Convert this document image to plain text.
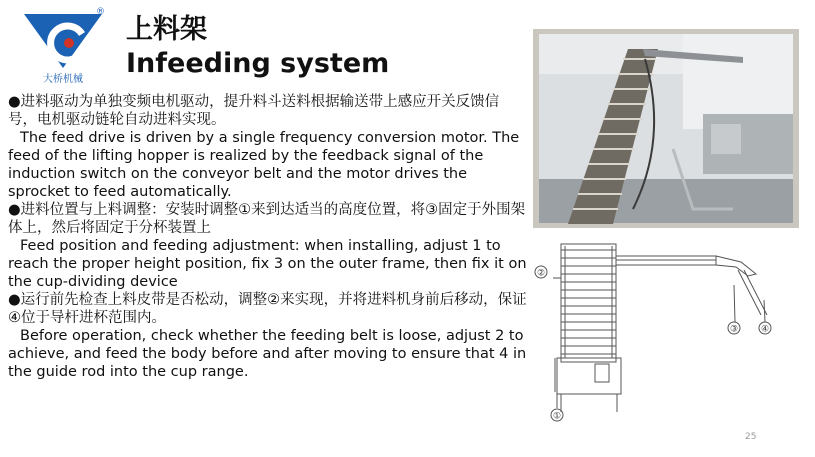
®
大桥机械
上料架
Infeeding system

●进料驱动为单独变频电机驱动，提升料斗送料根据输送带上感应开关反馈信号，电机驱动链轮自动进料实现。

The feed drive is driven by a single frequency conversion motor. The feed of the lifting hopper is realized by the feedback signal of the induction switch on the conveyor belt and the motor drives the sprocket to feed automatically.

●进料位置与上料调整：安装时调整①来到达适当的高度位置，将③固定于外围架体上，然后将固定于分杯装置上

Feed position and feeding adjustment: when installing, adjust 1 to reach the proper height position, fix 3 on the outer frame, then fix it on the cup-dividing device

●运行前先检查上料皮带是否松动，调整②来实现，并将进料机身前后移动，保证④位于导杆进杯范围内。

Before operation, check whether the feeding belt is loose, adjust 2 to achieve, and feed the body before and after moving to ensure that 4 in the guide rod into the cup range.

②
③	④
①
25
